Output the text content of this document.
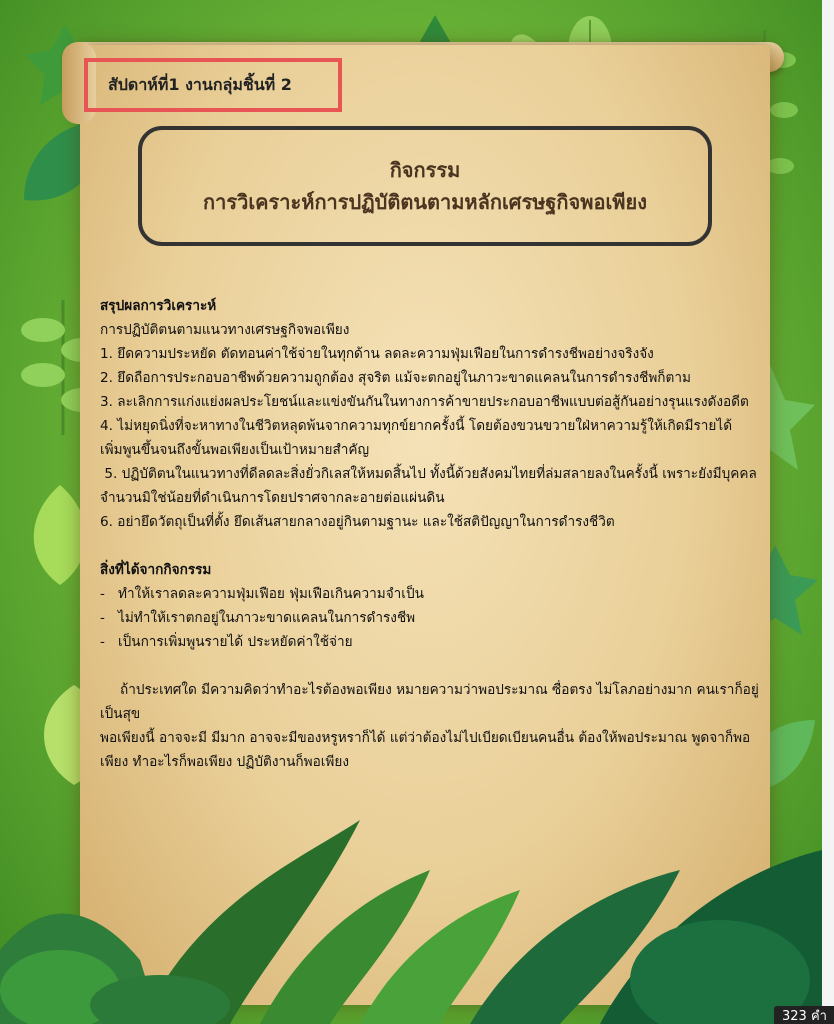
สัปดาห์ที่1 งานกลุ่มชิ้นที่ 2
กิจกรรม
การวิเคราะห์การปฏิบัติตนตามหลักเศรษฐกิจพอเพียง
สรุปผลการวิเคราะห์
การปฏิบัติตนตามแนวทางเศรษฐกิจพอเพียง
1. ยึดความประหยัด ตัดทอนค่าใช้จ่ายในทุกด้าน ลดละความฟุ่มเฟือยในการดำรงชีพอย่างจริงจัง
2. ยึดถือการประกอบอาชีพด้วยความถูกต้อง สุจริต แม้จะตกอยู่ในภาวะขาดแคลนในการดำรงชีพก็ตาม
3. ละเลิกการแก่งแย่งผลประโยชน์และแข่งขันกันในทางการค้าขายประกอบอาชีพแบบต่อสู้กันอย่างรุนแรงดังอดีต
4. ไม่หยุดนิ่งที่จะหาทางในชีวิตหลุดพ้นจากความทุกข์ยากครั้งนี้ โดยต้องขวนขวายใฝ่หาความรู้ให้เกิดมีรายได้เพิ่มพูนขึ้นจนถึงขั้นพอเพียงเป็นเป้าหมายสำคัญ
5. ปฏิบัติตนในแนวทางที่ดีลดละสิ่งยั่วกิเลสให้หมดสิ้นไป ทั้งนี้ด้วยสังคมไทยที่ล่มสลายลงในครั้งนี้ เพราะยังมีบุคคลจำนวนมิใช่น้อยที่ดำเนินการโดยปราศจากละอายต่อแผ่นดิน
6. อย่ายึดวัตถุเป็นที่ตั้ง ยึดเส้นสายกลางอยู่กินตามฐานะ และใช้สติปัญญาในการดำรงชีวิต
สิ่งที่ได้จากกิจกรรม
- ทำให้เราลดละความฟุ่มเฟือย ฟุ่มเฟือเกินความจำเป็น
- ไม่ทำให้เราตกอยู่ในภาวะขาดแคลนในการดำรงชีพ
- เป็นการเพิ่มพูนรายได้ ประหยัดค่าใช้จ่าย
ถ้าประเทศใด มีความคิดว่าทำอะไรต้องพอเพียง หมายความว่าพอประมาณ ซื่อตรง ไม่โลภอย่างมาก คนเราก็อยู่เป็นสุข
พอเพียงนี้ อาจจะมี มีมาก อาจจะมีของหรูหราก็ได้ แต่ว่าต้องไม่ไปเบียดเบียนคนอื่น ต้องให้พอประมาณ พูดจาก็พอเพียง ทำอะไรก็พอเพียง ปฏิบัติงานก็พอเพียง
323 คำ
